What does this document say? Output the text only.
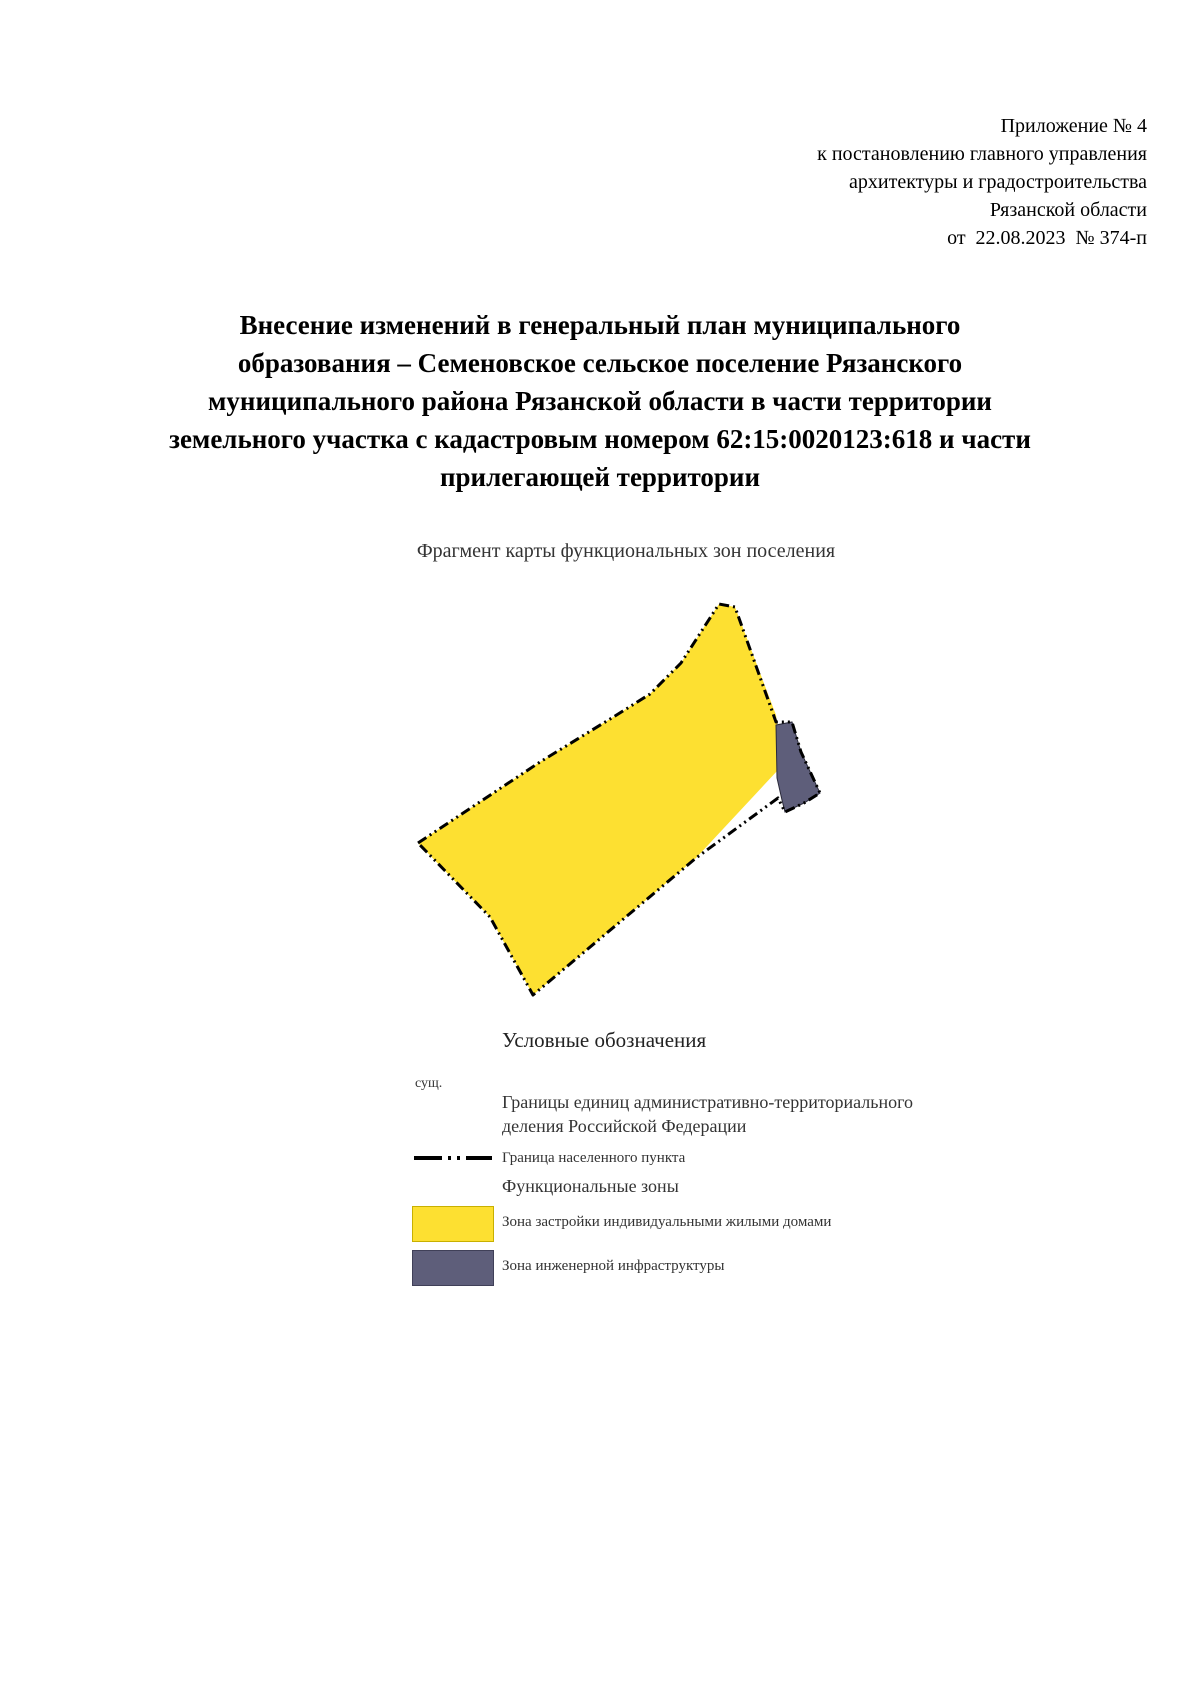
Приложение № 4
к постановлению главного управления
архитектуры и градостроительства
Рязанской области
от  22.08.2023  № 374-п
Внесение изменений в генеральный план муниципального
образования – Семеновское сельское поселение Рязанского
муниципального района Рязанской области в части территории
земельного участка с кадастровым номером 62:15:0020123:618 и части
прилегающей территории
Фрагмент карты функциональных зон поселения
Условные обозначения
сущ.
Границы единиц административно-территориального
деления Российской Федерации
Граница населенного пункта
Функциональные зоны
Зона застройки индивидуальными жилыми домами
Зона инженерной инфраструктуры
